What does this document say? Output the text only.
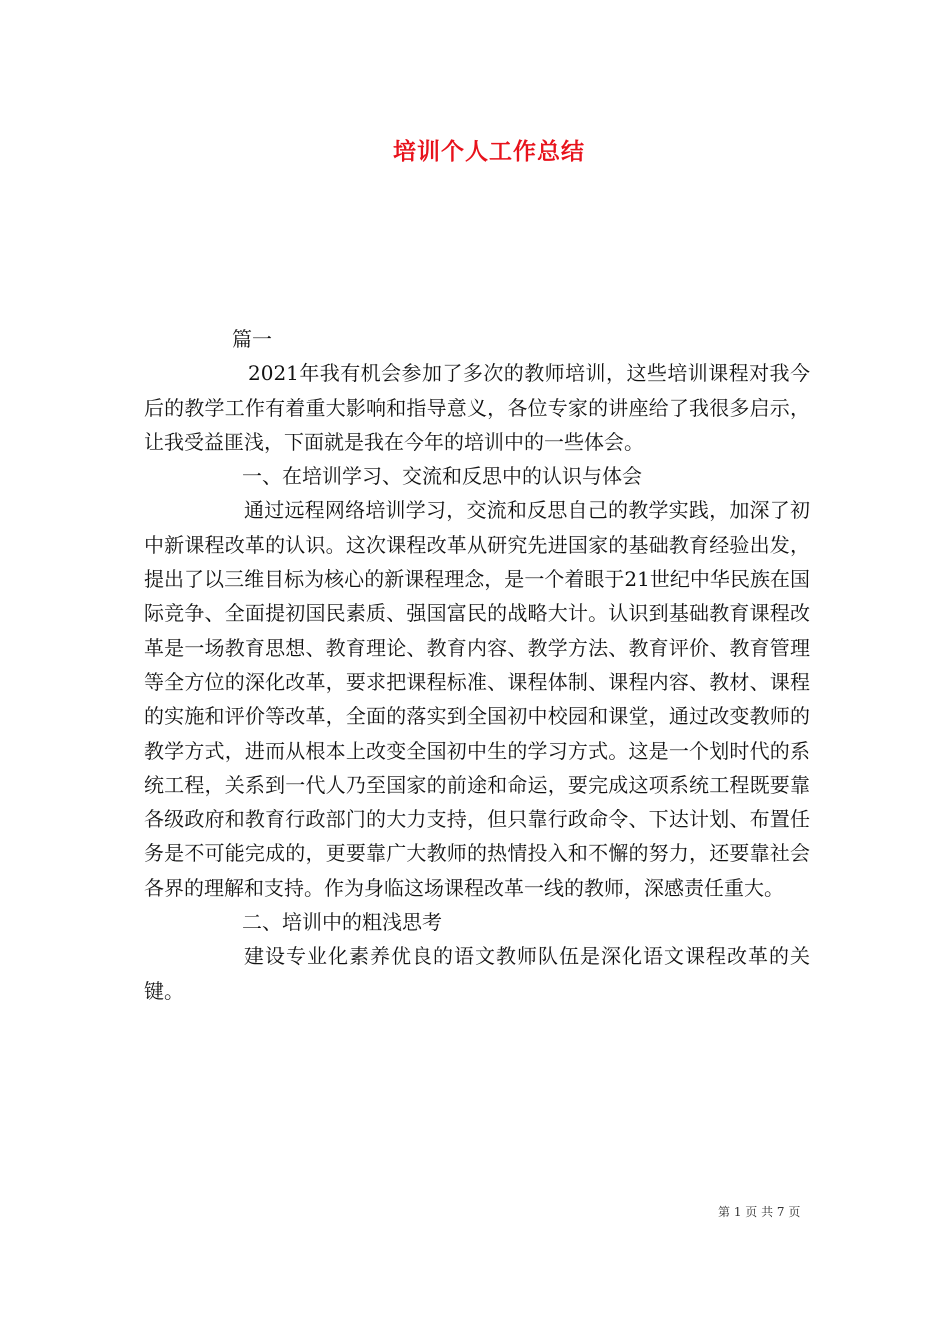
培训个人工作总结

篇一

2021年我有机会参加了多次的教师培训，这些培训课程对我今后的教学工作有着重大影响和指导意义，各位专家的讲座给了我很多启示，让我受益匪浅，下面就是我在今年的培训中的一些体会。

一、在培训学习、交流和反思中的认识与体会

通过远程网络培训学习，交流和反思自己的教学实践，加深了初中新课程改革的认识。这次课程改革从研究先进国家的基础教育经验出发，提出了以三维目标为核心的新课程理念，是一个着眼于21世纪中华民族在国际竞争、全面提初国民素质、强国富民的战略大计。认识到基础教育课程改革是一场教育思想、教育理论、教育内容、教学方法、教育评价、教育管理等全方位的深化改革，要求把课程标准、课程体制、课程内容、教材、课程的实施和评价等改革，全面的落实到全国初中校园和课堂，通过改变教师的教学方式，进而从根本上改变全国初中生的学习方式。这是一个划时代的系统工程，关系到一代人乃至国家的前途和命运，要完成这项系统工程既要靠各级政府和教育行政部门的大力支持，但只靠行政命令、下达计划、布置任务是不可能完成的，更要靠广大教师的热情投入和不懈的努力，还要靠社会各界的理解和支持。作为身临这场课程改革一线的教师，深感责任重大。

二、培训中的粗浅思考

建设专业化素养优良的语文教师队伍是深化语文课程改革的关键。

第 1 页 共 7 页
